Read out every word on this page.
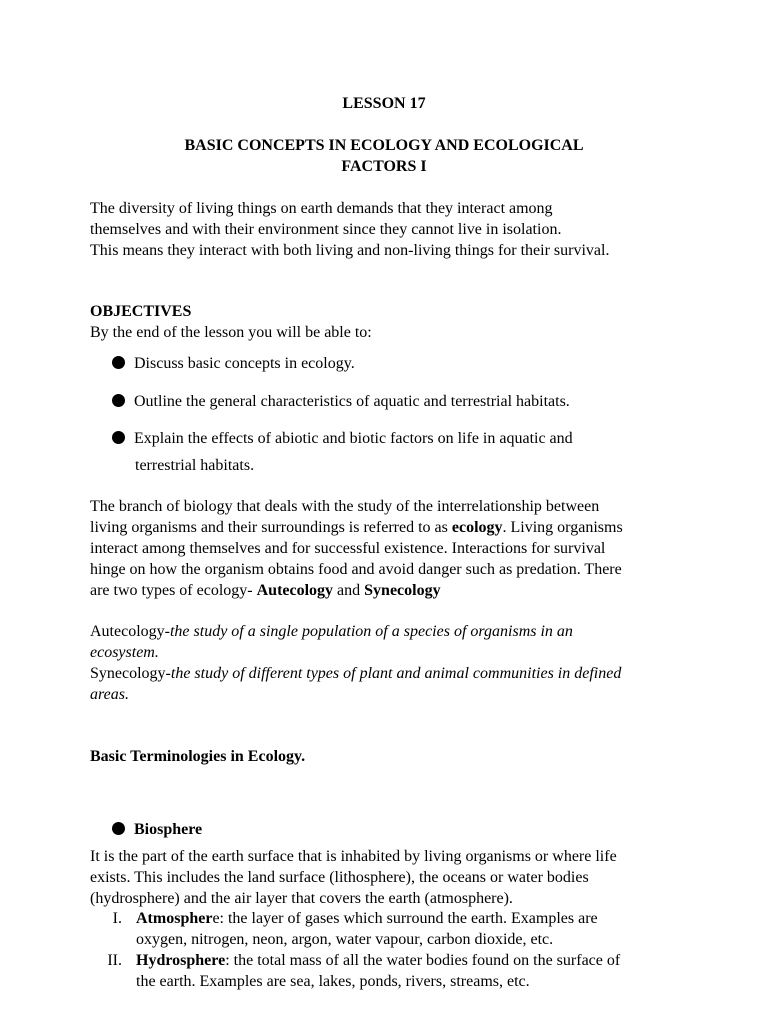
LESSON 17
BASIC CONCEPTS IN ECOLOGY AND ECOLOGICAL
FACTORS I
The diversity of living things on earth demands that they interact among
themselves and with their environment since they cannot live in isolation.
This means they interact with both living and non-living things for their survival.
OBJECTIVES
By the end of the lesson you will be able to:
Discuss basic concepts in ecology.
Outline the general characteristics of aquatic and terrestrial habitats.
Explain the effects of abiotic and biotic factors on life in aquatic and
terrestrial habitats.
The branch of biology that deals with the study of the interrelationship between
living organisms and their surroundings is referred to as ecology. Living organisms
interact among themselves and for successful existence. Interactions for survival
hinge on how the organism obtains food and avoid danger such as predation. There
are two types of ecology- Autecology and Synecology
Autecology-the study of a single population of a species of organisms in an
ecosystem.
Synecology-the study of different types of plant and animal communities in defined
areas.
Basic Terminologies in Ecology.
Biosphere
It is the part of the earth surface that is inhabited by living organisms or where life
exists. This includes the land surface (lithosphere), the oceans or water bodies
(hydrosphere) and the air layer that covers the earth (atmosphere).
I. Atmosphere: the layer of gases which surround the earth. Examples are
oxygen, nitrogen, neon, argon, water vapour, carbon dioxide, etc.
II. Hydrosphere: the total mass of all the water bodies found on the surface of
the earth. Examples are sea, lakes, ponds, rivers, streams, etc.
